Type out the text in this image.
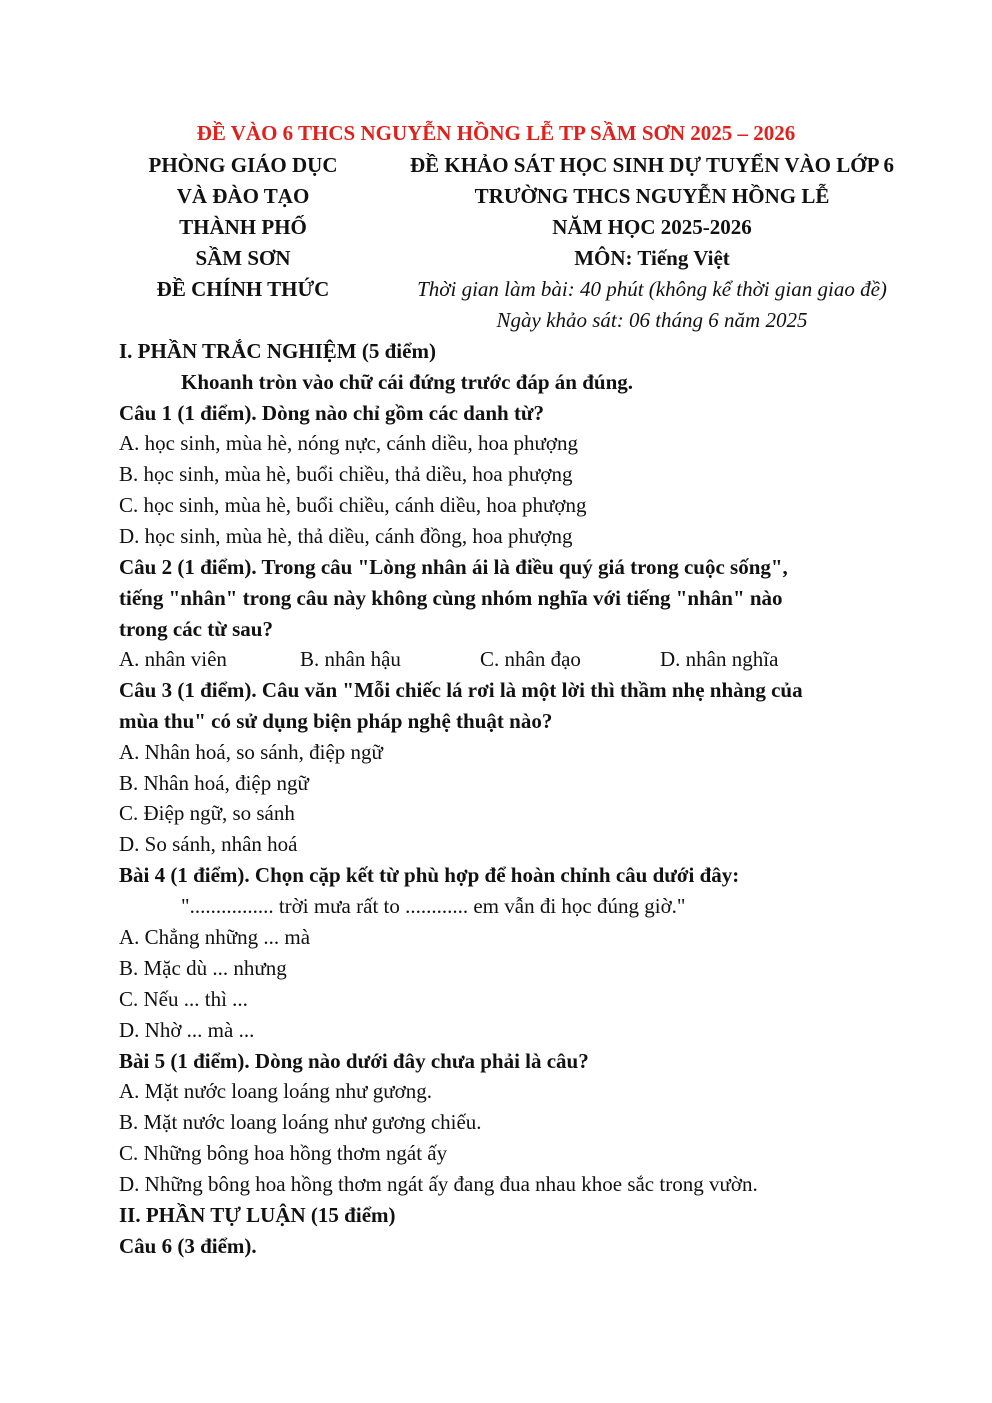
ĐỀ VÀO 6 THCS NGUYỄN HỒNG LỄ TP SẦM SƠN 2025 – 2026
PHÒNG GIÁO DỤC
VÀ ĐÀO TẠO
THÀNH PHỐ
SẦM SƠN
ĐỀ CHÍNH THỨC
ĐỀ KHẢO SÁT HỌC SINH DỰ TUYỂN VÀO LỚP 6
TRƯỜNG THCS NGUYỄN HỒNG LỄ
NĂM HỌC 2025-2026
MÔN: Tiếng Việt
Thời gian làm bài: 40 phút (không kể thời gian giao đề)
Ngày khảo sát: 06 tháng 6 năm 2025
I. PHẦN TRẮC NGHIỆM (5 điểm)
Khoanh tròn vào chữ cái đứng trước đáp án đúng.
Câu 1 (1 điểm). Dòng nào chỉ gồm các danh từ?
A. học sinh, mùa hè, nóng nực, cánh diều, hoa phượng
B. học sinh, mùa hè, buổi chiều, thả diều, hoa phượng
C. học sinh, mùa hè, buổi chiều, cánh diều, hoa phượng
D. học sinh, mùa hè, thả diều, cánh đồng, hoa phượng
Câu 2 (1 điểm). Trong câu "Lòng nhân ái là điều quý giá trong cuộc sống",
tiếng "nhân" trong câu này không cùng nhóm nghĩa với tiếng "nhân" nào
trong các từ sau?
A. nhân viên	B. nhân hậu	C. nhân đạo	D. nhân nghĩa
Câu 3 (1 điểm). Câu văn "Mỗi chiếc lá rơi là một lời thì thầm nhẹ nhàng của
mùa thu" có sử dụng biện pháp nghệ thuật nào?
A. Nhân hoá, so sánh, điệp ngữ
B. Nhân hoá, điệp ngữ
C. Điệp ngữ, so sánh
D. So sánh, nhân hoá
Bài 4 (1 điểm). Chọn cặp kết từ phù hợp để hoàn chỉnh câu dưới đây:
"................ trời mưa rất to ............ em vẫn đi học đúng giờ."
A. Chẳng những ... mà
B. Mặc dù ... nhưng
C. Nếu ... thì ...
D. Nhờ ... mà ...
Bài 5 (1 điểm). Dòng nào dưới đây chưa phải là câu?
A. Mặt nước loang loáng như gương.
B. Mặt nước loang loáng như gương chiếu.
C. Những bông hoa hồng thơm ngát ấy
D. Những bông hoa hồng thơm ngát ấy đang đua nhau khoe sắc trong vườn.
II. PHẦN TỰ LUẬN (15 điểm)
Câu 6 (3 điểm).
